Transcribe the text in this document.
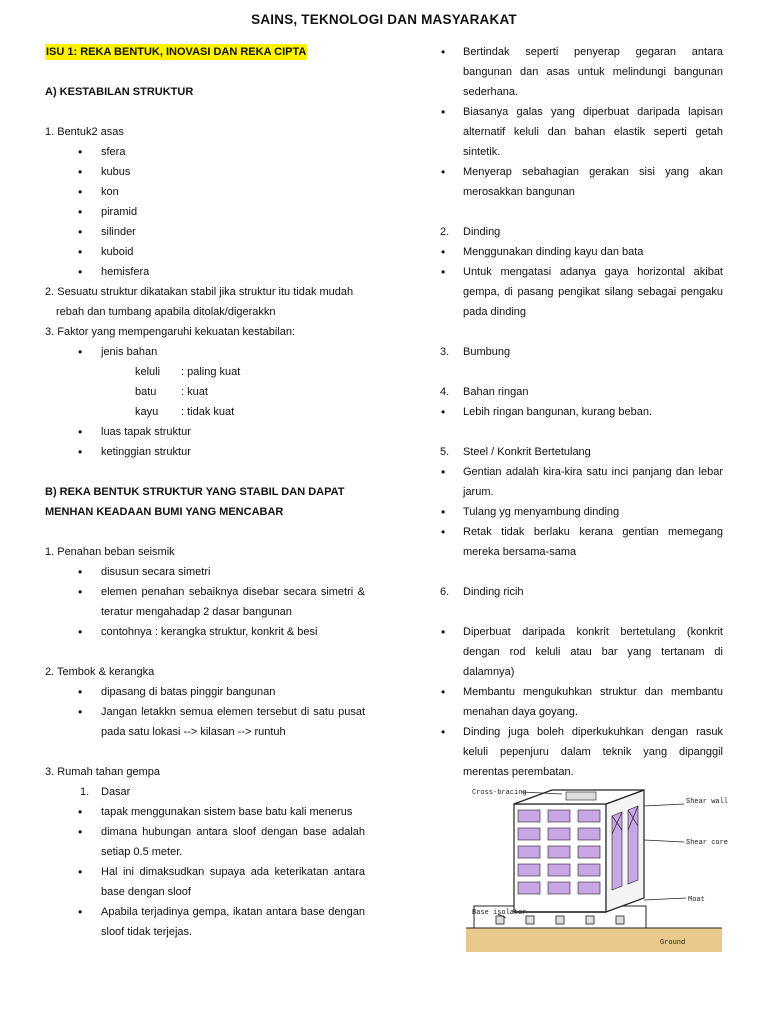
SAINS, TEKNOLOGI DAN MASYARAKAT
ISU 1: REKA BENTUK, INOVASI DAN REKA CIPTA
A) KESTABILAN STRUKTUR
1. Bentuk2 asas
• sfera
• kubus
• kon
• piramid
• silinder
• kuboid
• hemisfera
2. Sesuatu struktur dikatakan stabil jika struktur itu tidak mudah rebah dan tumbang apabila ditolak/digerakkn
3. Faktor yang mempengaruhi kekuatan kestabilan:
• jenis bahan
keluli : paling kuat
batu : kuat
kayu : tidak kuat
• luas tapak struktur
• ketinggian struktur
B) REKA BENTUK STRUKTUR YANG STABIL DAN DAPAT MENHAN KEADAAN BUMI YANG MENCABAR
1. Penahan beban seismik
• disusun secara simetri
• elemen penahan sebaiknya disebar secara simetri & teratur mengahadap 2 dasar bangunan
• contohnya : kerangka struktur, konkrit & besi
2. Tembok & kerangka
• dipasang di batas pinggir bangunan
• Jangan letakkn semua elemen tersebut di satu pusat pada satu lokasi --> kilasan --> runtuh
3. Rumah tahan gempa
1. Dasar
• tapak menggunakan sistem base batu kali menerus
• dimana hubungan antara sloof dengan base adalah setiap 0.5 meter.
• Hal ini dimaksudkan supaya ada keterikatan antara base dengan sloof
• Apabila terjadinya gempa, ikatan antara base dengan sloof tidak terjejas.
• Bertindak seperti penyerap gegaran antara bangunan dan asas untuk melindungi bangunan sederhana.
• Biasanya galas yang diperbuat daripada lapisan alternatif keluli dan bahan elastik seperti getah sintetik.
• Menyerap sebahagian gerakan sisi yang akan merosakkan bangunan
2. Dinding
• Menggunakan dinding kayu dan bata
• Untuk mengatasi adanya gaya horizontal akibat gempa, di pasang pengikat silang sebagai pengaku pada dinding
3. Bumbung
4. Bahan ringan
• Lebih ringan bangunan, kurang beban.
5. Steel / Konkrit Bertetulang
• Gentian adalah kira-kira satu inci panjang dan lebar jarum.
• Tulang yg menyambung dinding
• Retak tidak berlaku kerana gentian memegang mereka bersama-sama
6. Dinding ricih
• Diperbuat daripada konkrit bertetulang (konkrit dengan rod keluli atau bar yang tertanam di dalamnya)
• Membantu mengukuhkan struktur dan membantu menahan daya goyang.
• Dinding juga boleh diperkukuhkan dengan rasuk keluli pepenjuru dalam teknik yang dipanggil merentas perembatan.
Cross-bracing
Shear wall
Shear core
Moat
Base isolator
Ground
